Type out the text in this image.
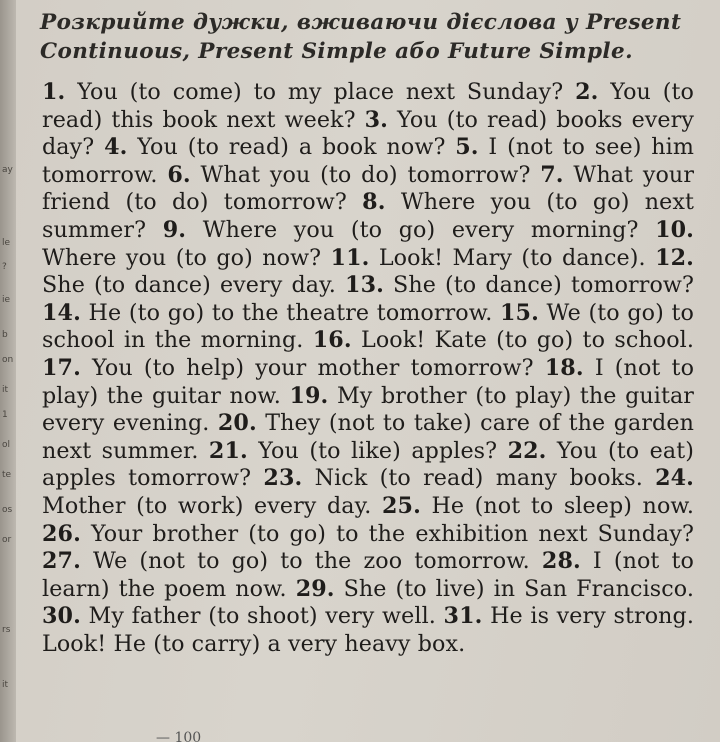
ay
le
?
ie
on
it
b
1
ol
te
os
or
rs
it
Розкрийте дужки, вживаючи дієслова у Present
Continuous, Present Simple або Future Simple.
1. You (to come) to my place next Sunday? 2. You (to read) this book next week? 3. You (to read) books every day? 4. You (to read) a book now? 5. I (not to see) him tomorrow. 6. What you (to do) tomorrow? 7. What your friend (to do) tomorrow? 8. Where you (to go) next summer? 9. Where you (to go) every morning? 10. Where you (to go) now? 11. Look! Mary (to dance). 12. She (to dance) every day. 13. She (to dance) tomorrow? 14. He (to go) to the theatre tomorrow. 15. We (to go) to school in the morning. 16. Look! Kate (to go) to school. 17. You (to help) your mother tomorrow? 18. I (not to play) the guitar now. 19. My brother (to play) the guitar every evening. 20. They (not to take) care of the garden next summer. 21. You (to like) apples? 22. You (to eat) apples tomorrow? 23. Nick (to read) many books. 24. Mother (to work) every day. 25. He (not to sleep) now. 26. Your brother (to go) to the exhibition next Sunday? 27. We (not to go) to the zoo tomorrow. 28. I (not to learn) the poem now. 29. She (to live) in San Francisco. 30. My father (to shoot) very well. 31. He is very strong. Look! He (to carry) a very heavy box.
— 100
